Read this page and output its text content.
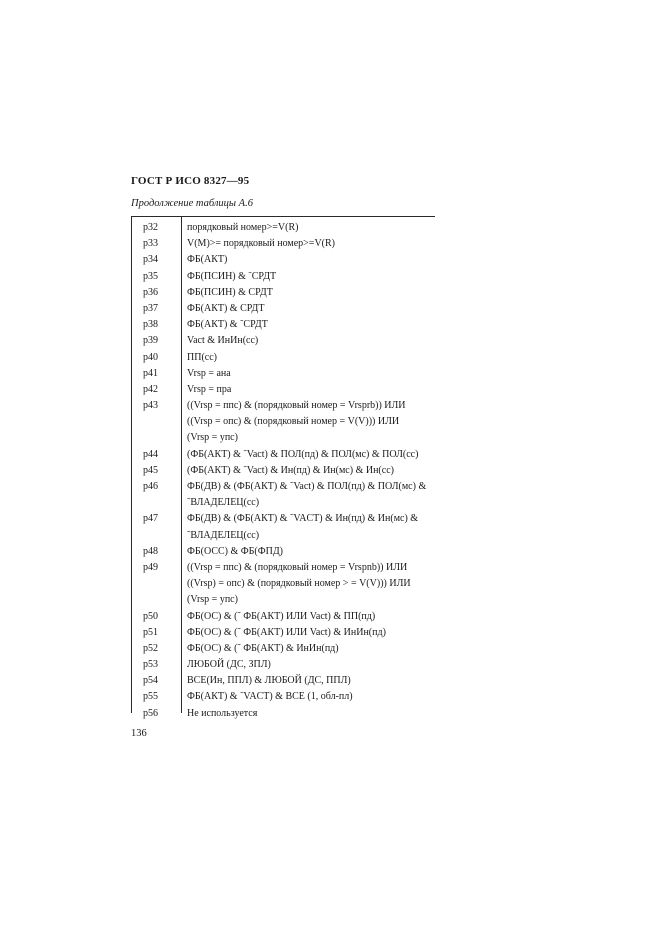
ГОСТ Р ИСО 8327—95
Продолжение таблицы А.6
p32	порядковый номер>=V(R)
p33	V(M)>= порядковый номер>=V(R)
p34	ФБ(АКТ)
p35	ФБ(ПСИН) & ˜СРДТ
p36	ФБ(ПСИН) & СРДТ
p37	ФБ(АКТ) & СРДТ
p38	ФБ(АКТ) & ˜СРДТ
p39	Vact & ИнИн(сс)
p40	ПП(сс)
p41	Vrsp = ана
p42	Vrsp = пра
p43	((Vrsp = ппс) & (порядковый номер = Vrsprb)) ИЛИ
((Vrsp = опс) & (порядковый номер = V(V))) ИЛИ
(Vrsp = упс)
p44	(ФБ(АКТ) & ˜Vact) & ПОЛ(пд) & ПОЛ(мс) & ПОЛ(сс)
p45	(ФБ(АКТ) & ˜Vact) & Ин(пд) & Ин(мс) & Ин(сс)
p46	ФБ(ДВ) & (ФБ(АКТ) & ˜Vact) & ПОЛ(пд) & ПОЛ(мс) &
˜ВЛАДЕЛЕЦ(сс)
p47	ФБ(ДВ) & (ФБ(АКТ) & ˜VACT) & Ин(пд) & Ин(мс) &
˜ВЛАДЕЛЕЦ(сс)
p48	ФБ(ОСС) & ФБ(ФПД)
p49	((Vrsp = ппс) & (порядковый номер = Vrspnb)) ИЛИ
((Vrsp) = опс) & (порядковый номер > = V(V))) ИЛИ
(Vrsp = упс)
p50	ФБ(ОС) & (˜ ФБ(АКТ) ИЛИ Vact) & ПП(пд)
p51	ФБ(ОС) & (˜ ФБ(АКТ) ИЛИ Vact) & ИнИн(пд)
p52	ФБ(ОС) & (˜ ФБ(АКТ) & ИнИн(пд)
p53	ЛЮБОЙ (ДС, ЗПЛ)
p54	ВСЕ(Ин, ППЛ) & ЛЮБОЙ (ДС, ППЛ)
p55	ФБ(АКТ) & ˜VACT) & ВСЕ (1, обл-пл)
p56	Не используется
136
